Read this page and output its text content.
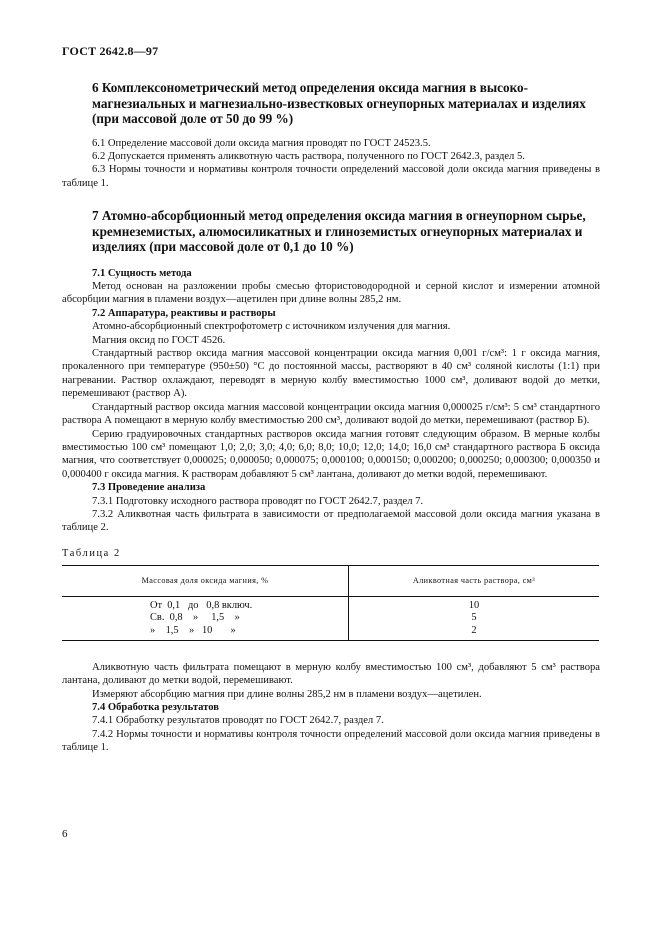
ГОСТ 2642.8—97

6 Комплексонометрический метод определения оксида магния в высоко-магнезиальных и магнезиально-известковых огнеупорных материалах и изделиях (при массовой доле от 50 до 99 %)

6.1 Определение массовой доли оксида магния проводят по ГОСТ 24523.5.

6.2 Допускается применять аликвотную часть раствора, полученного по ГОСТ 2642.3, раздел 5.

6.3 Нормы точности и нормативы контроля точности определений массовой доли оксида магния приведены в таблице 1.

7 Атомно-абсорбционный метод определения оксида магния в огнеупорном сырье, кремнеземистых, алюмосиликатных и глиноземистых огнеупорных материалах и изделиях (при массовой доле от 0,1 до 10 %)

7.1 Сущность метода

Метод основан на разложении пробы смесью фтористоводородной и серной кислот и измерении атомной абсорбции магния в пламени воздух—ацетилен при длине волны 285,2 нм.

7.2 Аппаратура, реактивы и растворы

Атомно-абсорбционный спектрофотометр с источником излучения для магния.

Магния оксид по ГОСТ 4526.

Стандартный раствор оксида магния массовой концентрации оксида магния 0,001 г/см³: 1 г оксида магния, прокаленного при температуре (950±50) °С до постоянной массы, растворяют в 40 см³ соляной кислоты (1:1) при нагревании. Раствор охлаждают, переводят в мерную колбу вместимостью 1000 см³, доливают водой до метки, перемешивают (раствор А).

Стандартный раствор оксида магния массовой концентрации оксида магния 0,000025 г/см³: 5 см³ стандартного раствора А помещают в мерную колбу вместимостью 200 см³, доливают водой до метки, перемешивают (раствор Б).

Серию градуировочных стандартных растворов оксида магния готовят следующим образом. В мерные колбы вместимостью 100 см³ помещают 1,0; 2,0; 3,0; 4,0; 6,0; 8,0; 10,0; 12,0; 14,0; 16,0 см³ стандартного раствора Б оксида магния, что соответствует 0,000025; 0,000050; 0,000075; 0,000100; 0,000150; 0,000200; 0,000250; 0,000300; 0,000350 и 0,000400 г оксида магния. К растворам добавляют 5 см³ лантана, доливают до метки водой, перемешивают.

7.3 Проведение анализа

7.3.1 Подготовку исходного раствора проводят по ГОСТ 2642.7, раздел 7.

7.3.2 Аликвотная часть фильтрата в зависимости от предполагаемой массовой доли оксида магния указана в таблице 2.

Таблица 2
Массовая доля оксида магния, %	Аликвотная часть раствора, см³
От  0,1   до   0,8 включ.	10
Св.  0,8    »     1,5    »	5
»    1,5    »   10       »	2

Аликвотную часть фильтрата помещают в мерную колбу вместимостью 100 см³, добавляют 5 см³ раствора лантана, доливают до метки водой, перемешивают.

Измеряют абсорбцию магния при длине волны 285,2 нм в пламени воздух—ацетилен.

7.4 Обработка результатов

7.4.1 Обработку результатов проводят по ГОСТ 2642.7, раздел 7.

7.4.2 Нормы точности и нормативы контроля точности определений массовой доли оксида магния приведены в таблице 1.

6
